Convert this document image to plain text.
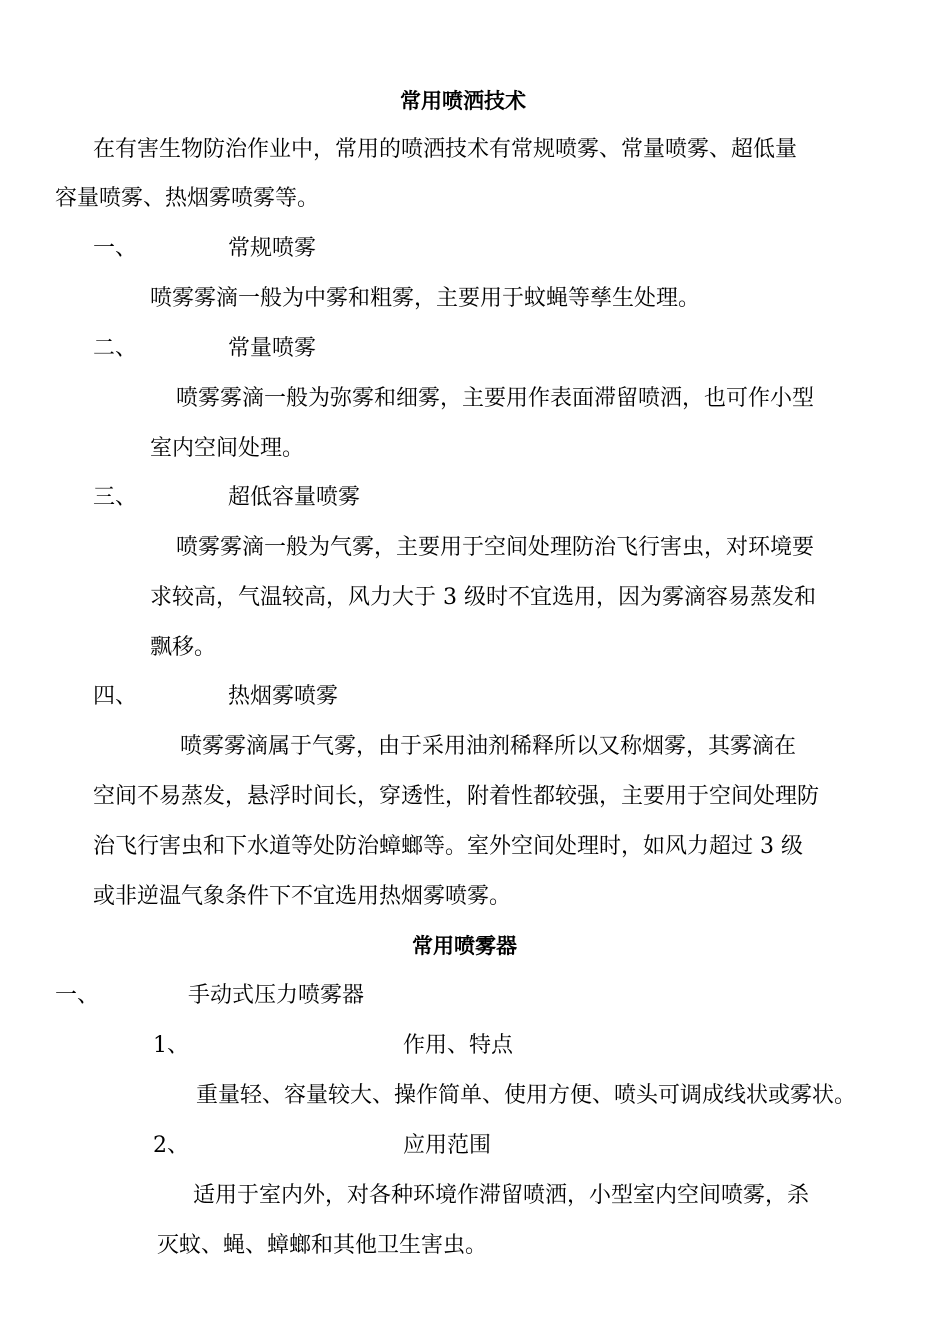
常用喷洒技术
在有害生物防治作业中，常用的喷洒技术有常规喷雾、常量喷雾、超低量
容量喷雾、热烟雾喷雾等。
一、	常规喷雾
喷雾雾滴一般为中雾和粗雾，主要用于蚊蝇等孳生处理。
二、	常量喷雾
喷雾雾滴一般为弥雾和细雾，主要用作表面滞留喷洒，也可作小型
室内空间处理。
三、	超低容量喷雾
喷雾雾滴一般为气雾，主要用于空间处理防治飞行害虫，对环境要
求较高，气温较高，风力大于 3 级时不宜选用，因为雾滴容易蒸发和
飘移。
四、	热烟雾喷雾
喷雾雾滴属于气雾，由于采用油剂稀释所以又称烟雾，其雾滴在
空间不易蒸发，悬浮时间长，穿透性，附着性都较强，主要用于空间处理防
治飞行害虫和下水道等处防治蟑螂等。室外空间处理时，如风力超过 3 级
或非逆温气象条件下不宜选用热烟雾喷雾。
常用喷雾器
一、	手动式压力喷雾器
1、	作用、特点
重量轻、容量较大、操作简单、使用方便、喷头可调成线状或雾状。
2、	应用范围
适用于室内外，对各种环境作滞留喷洒，小型室内空间喷雾，杀
灭蚊、蝇、蟑螂和其他卫生害虫。
